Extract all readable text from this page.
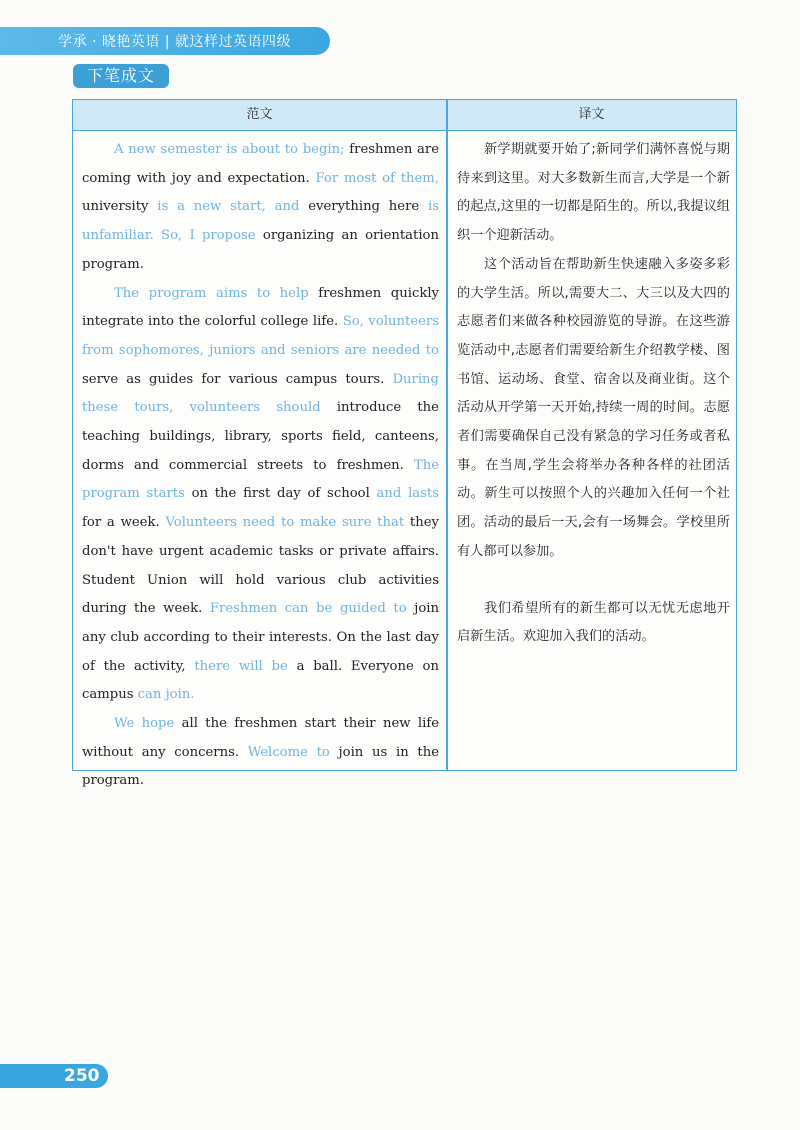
学承 · 晓艳英语 | 就这样过英语四级
下笔成文
范文	译文

A new semester is about to begin; freshmen are coming with joy and expectation. For most of them, university is a new start, and everything here is unfamiliar. So, I propose organizing an orientation program.

The program aims to help freshmen quickly integrate into the colorful college life. So, volunteers from sophomores, juniors and seniors are needed to serve as guides for various campus tours. During these tours, volunteers should introduce the teaching buildings, library, sports field, canteens, dorms and commercial streets to freshmen. The program starts on the first day of school and lasts for a week. Volunteers need to make sure that they don't have urgent academic tasks or private affairs. Student Union will hold various club activities during the week. Freshmen can be guided to join any club according to their interests. On the last day of the activity, there will be a ball. Everyone on campus can join.

We hope all the freshmen start their new life without any concerns. Welcome to join us in the program.

新学期就要开始了;新同学们满怀喜悦与期待来到这里。对大多数新生而言,大学是一个新的起点,这里的一切都是陌生的。所以,我提议组织一个迎新活动。

这个活动旨在帮助新生快速融入多姿多彩的大学生活。所以,需要大二、大三以及大四的志愿者们来做各种校园游览的导游。在这些游览活动中,志愿者们需要给新生介绍教学楼、图书馆、运动场、食堂、宿舍以及商业街。这个活动从开学第一天开始,持续一周的时间。志愿者们需要确保自己没有紧急的学习任务或者私事。在当周,学生会将举办各种各样的社团活动。新生可以按照个人的兴趣加入任何一个社团。活动的最后一天,会有一场舞会。学校里所有人都可以参加。

我们希望所有的新生都可以无忧无虑地开启新生活。欢迎加入我们的活动。

250
